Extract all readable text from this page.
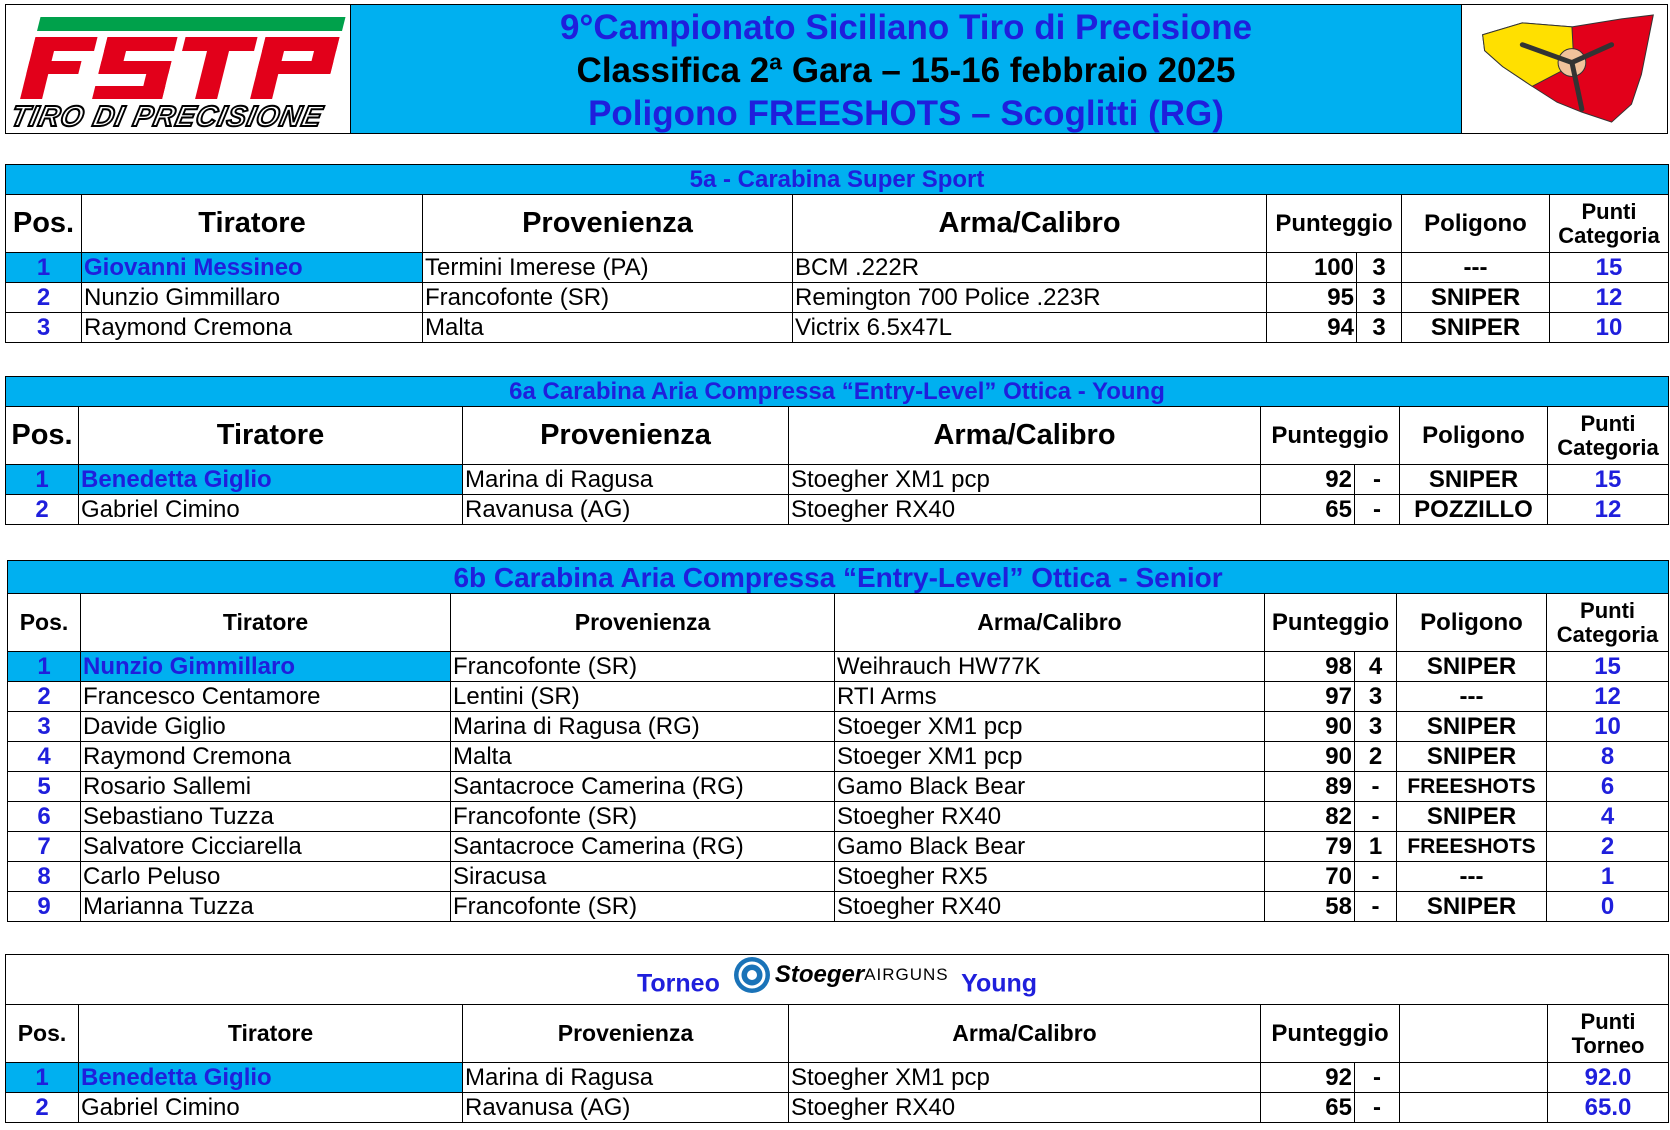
TIRO DI PRECISIONE
9°Campionato Siciliano Tiro di Precisione
Classifica 2ª Gara – 15-16 febbraio 2025
Poligono FREESHOTS – Scoglitti (RG)
5a - Carabina Super Sport							
Pos.	Tiratore	Provenienza	Arma/Calibro	Punteggio		Poligono	Punti
Categoria

1	Giovanni Messineo	Termini Imerese (PA)	BCM .222R	100	3	---	15
2	Nunzio Gimmillaro	Francofonte (SR)	Remington 700 Police .223R	95	3	SNIPER	12
3	Raymond Cremona	Malta	Victrix 6.5x47L	94	3	SNIPER	10
6a Carabina Aria Compressa “Entry-Level” Ottica - Young							
Pos.	Tiratore	Provenienza	Arma/Calibro	Punteggio		Poligono	Punti
Categoria

1	Benedetta Giglio	Marina di Ragusa	Stoegher XM1 pcp	92	-	SNIPER	15
2	Gabriel Cimino	Ravanusa (AG)	Stoegher RX40	65	-	POZZILLO	12
6b Carabina Aria Compressa “Entry-Level” Ottica - Senior							
Pos.	Tiratore	Provenienza	Arma/Calibro	Punteggio		Poligono	Punti
Categoria

1	Nunzio Gimmillaro	Francofonte (SR)	Weihrauch HW77K	98	4	SNIPER	15
2	Francesco Centamore	Lentini (SR)	RTI Arms	97	3	---	12
3	Davide Giglio	Marina di Ragusa (RG)	Stoeger XM1 pcp	90	3	SNIPER	10
4	Raymond Cremona	Malta	Stoeger XM1 pcp	90	2	SNIPER	8
5	Rosario Sallemi	Santacroce Camerina (RG)	Gamo Black Bear	89	-	FREESHOTS	6
6	Sebastiano Tuzza	Francofonte (SR)	Stoegher RX40	82	-	SNIPER	4
7	Salvatore Cicciarella	Santacroce Camerina (RG)	Gamo Black Bear	79	1	FREESHOTS	2
8	Carlo Peluso	Siracusa	Stoegher RX5	70	-	---	1
9	Marianna Tuzza	Francofonte (SR)	Stoegher RX40	58	-	SNIPER	0
Torneo Stoeger AIRGUNS Young							
Pos.	Tiratore	Provenienza	Arma/Calibro	Punteggio			Punti
Torneo

1	Benedetta Giglio	Marina di Ragusa	Stoegher XM1 pcp	92	-		92.0
2	Gabriel Cimino	Ravanusa (AG)	Stoegher RX40	65	-		65.0
